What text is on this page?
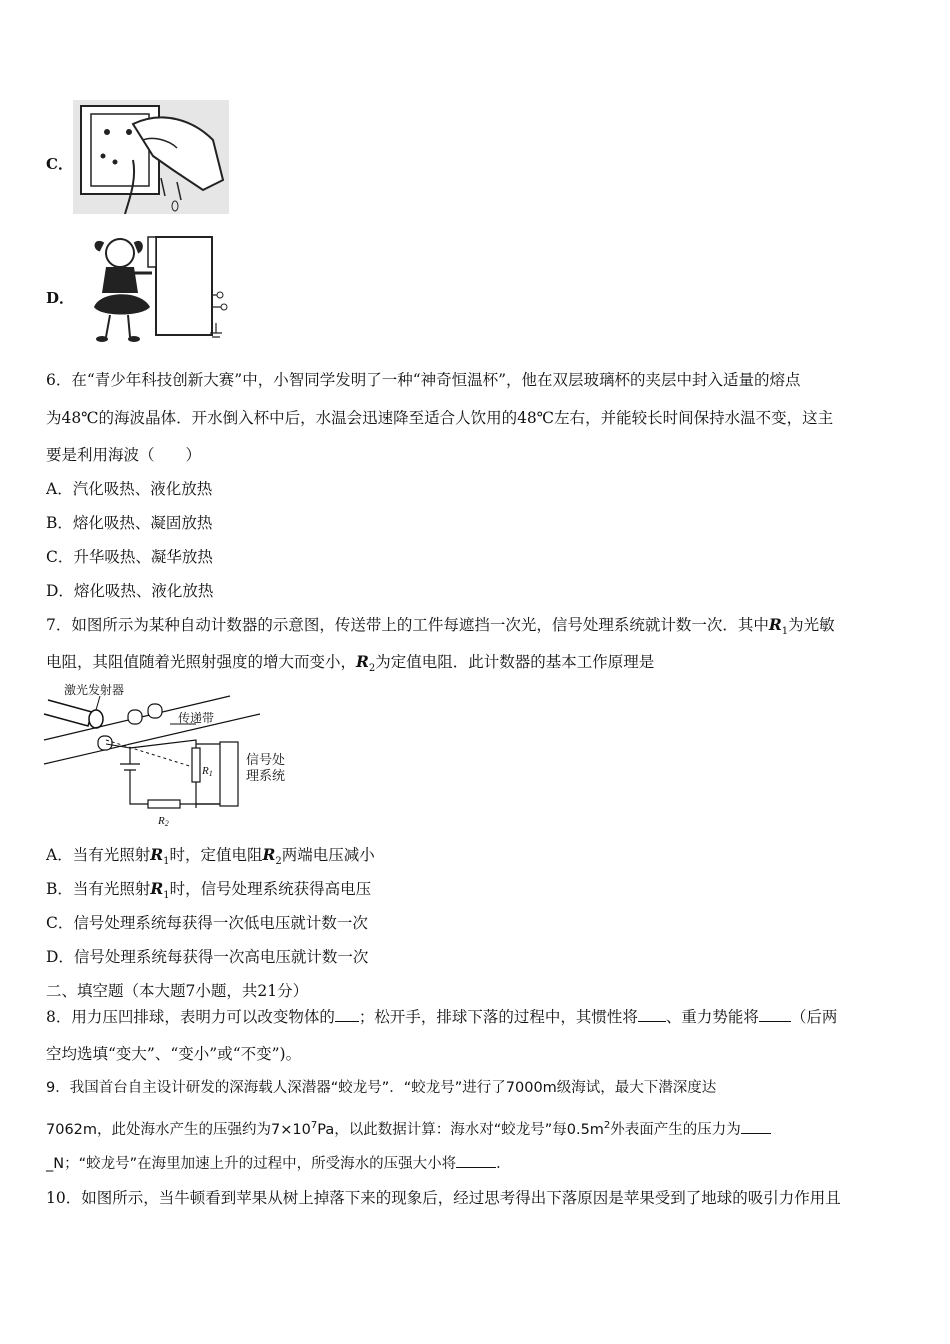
C．
D．
6．在“青少年科技创新大赛”中，小智同学发明了一种“神奇恒温杯”，他在双层玻璃杯的夹层中封入适量的熔点
为48℃的海波晶体．开水倒入杯中后，水温会迅速降至适合人饮用的48℃左右，并能较长时间保持水温不变，这主
要是利用海波（　　）
A．汽化吸热、液化放热
B．熔化吸热、凝固放热
C．升华吸热、凝华放热
D．熔化吸热、液化放热
7．如图所示为某种自动计数器的示意图，传送带上的工件每遮挡一次光，信号处理系统就计数一次．其中$R_1$为光敏
电阻，其阻值随着光照射强度的增大而变小，$R_2$为定值电阻．此计数器的基本工作原理是
激光发射器
传递带
R1
R2
信号处
理系统
A．当有光照射$R_1$时，定值电阻$R_2$两端电压减小
B．当有光照射$R_1$时，信号处理系统获得高电压
C．信号处理系统每获得一次低电压就计数一次
D．信号处理系统每获得一次高电压就计数一次
二、填空题（本大题7小题，共21分）
8．用力压凹排球，表明力可以改变物体的 ；松开手，排球下落的过程中，其惯性将 、重力势能将 （后两
空均选填“变大”、“变小”或“不变”)。
9．我国首台自主设计研发的深海载人深潜器“蛟龙号”．“蛟龙号”进行了7000m级海试，最大下潜深度达
7062m，此处海水产生的压强约为$7\times 10^7Pa$，以此数据计算：海水对“蛟龙号”每$0.5m^2$外表面产生的压力为
_N；“蛟龙号”在海里加速上升的过程中，所受海水的压强大小将	．
10．如图所示，当牛顿看到苹果从树上掉落下来的现象后，经过思考得出下落原因是苹果受到了地球的吸引力作用且
